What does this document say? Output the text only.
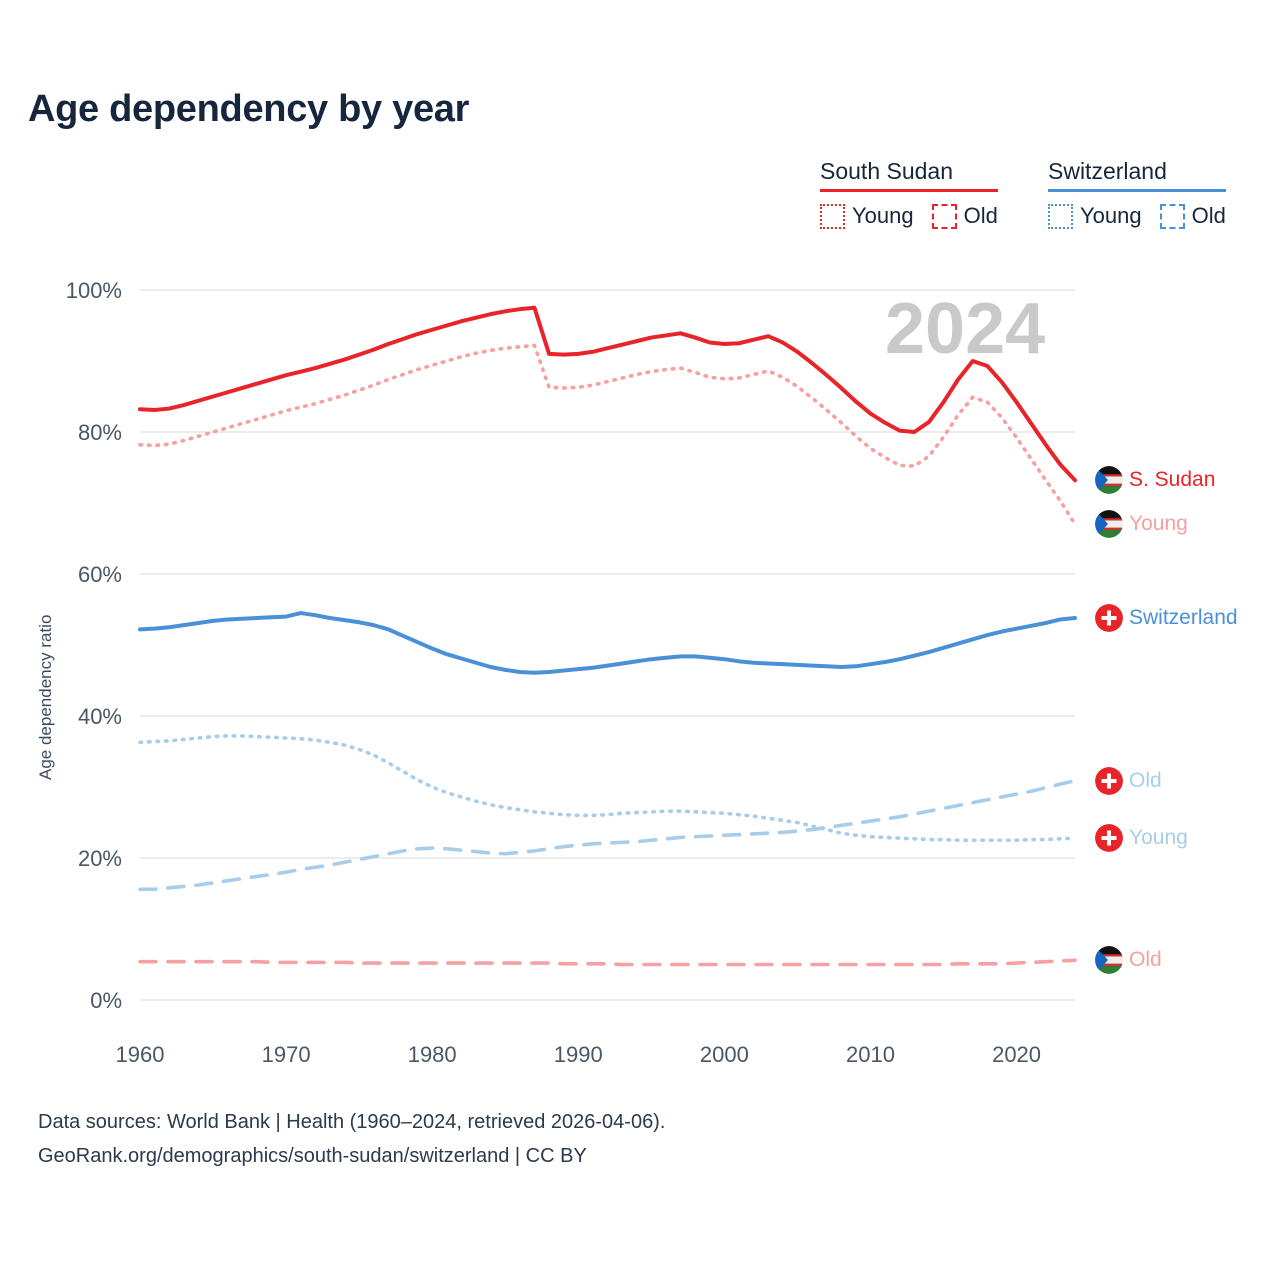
Age dependency by year
South Sudan
Young Old
Switzerland
Young Old
Age dependency ratio
2024
0%
20%
40%
60%
80%
100%
1960	1970	1980	1990	2000	2010	2020
S. Sudan
Young
Old
Switzerland
Old
Young
Data sources: World Bank | Health (1960–2024, retrieved 2026-04-06).
GeoRank.org/demographics/south-sudan/switzerland | CC BY
